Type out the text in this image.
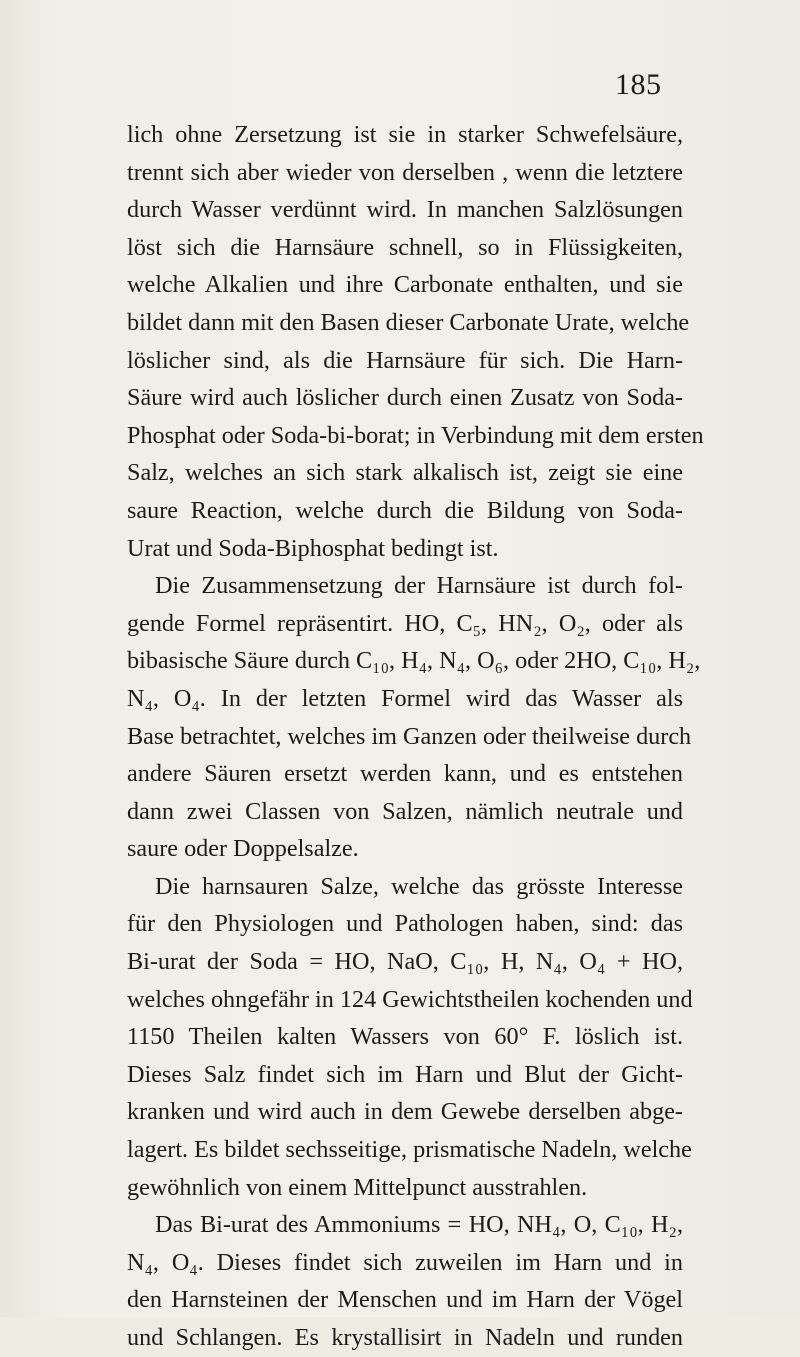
185
lich ohne Zersetzung ist sie in starker Schwefelsäure,
trennt sich aber wieder von derselben , wenn die letztere
durch Wasser verdünnt wird. In manchen Salzlösungen
löst sich die Harnsäure schnell, so in Flüssigkeiten,
welche Alkalien und ihre Carbonate enthalten, und sie
bildet dann mit den Basen dieser Carbonate Urate, welche
löslicher sind, als die Harnsäure für sich. Die Harn-
Säure wird auch löslicher durch einen Zusatz von Soda-
Phosphat oder Soda-bi-borat; in Verbindung mit dem ersten
Salz, welches an sich stark alkalisch ist, zeigt sie eine
saure Reaction, welche durch die Bildung von Soda-
Urat und Soda-Biphosphat bedingt ist.
Die Zusammensetzung der Harnsäure ist durch fol-
gende Formel repräsentirt. HO, C₅, HN₂, O₂, oder als
bibasische Säure durch C₁₀, H₄, N₄, O₆, oder 2HO, C₁₀, H₂,
N₄, O₄. In der letzten Formel wird das Wasser als
Base betrachtet, welches im Ganzen oder theilweise durch
andere Säuren ersetzt werden kann, und es entstehen
dann zwei Classen von Salzen, nämlich neutrale und
saure oder Doppelsalze.
Die harnsauren Salze, welche das grösste Interesse
für den Physiologen und Pathologen haben, sind: das
Bi-urat der Soda = HO, NaO, C₁₀, H, N₄, O₄ + HO,
welches ohngefähr in 124 Gewichtstheilen kochenden und
1150 Theilen kalten Wassers von 60° F. löslich ist.
Dieses Salz findet sich im Harn und Blut der Gicht-
kranken und wird auch in dem Gewebe derselben abge-
lagert. Es bildet sechsseitige, prismatische Nadeln, welche
gewöhnlich von einem Mittelpunct ausstrahlen.
Das Bi-urat des Ammoniums = HO, NH₄, O, C₁₀, H₂,
N₄, O₄. Dieses findet sich zuweilen im Harn und in
den Harnsteinen der Menschen und im Harn der Vögel
und Schlangen. Es krystallisirt in Nadeln und runden
